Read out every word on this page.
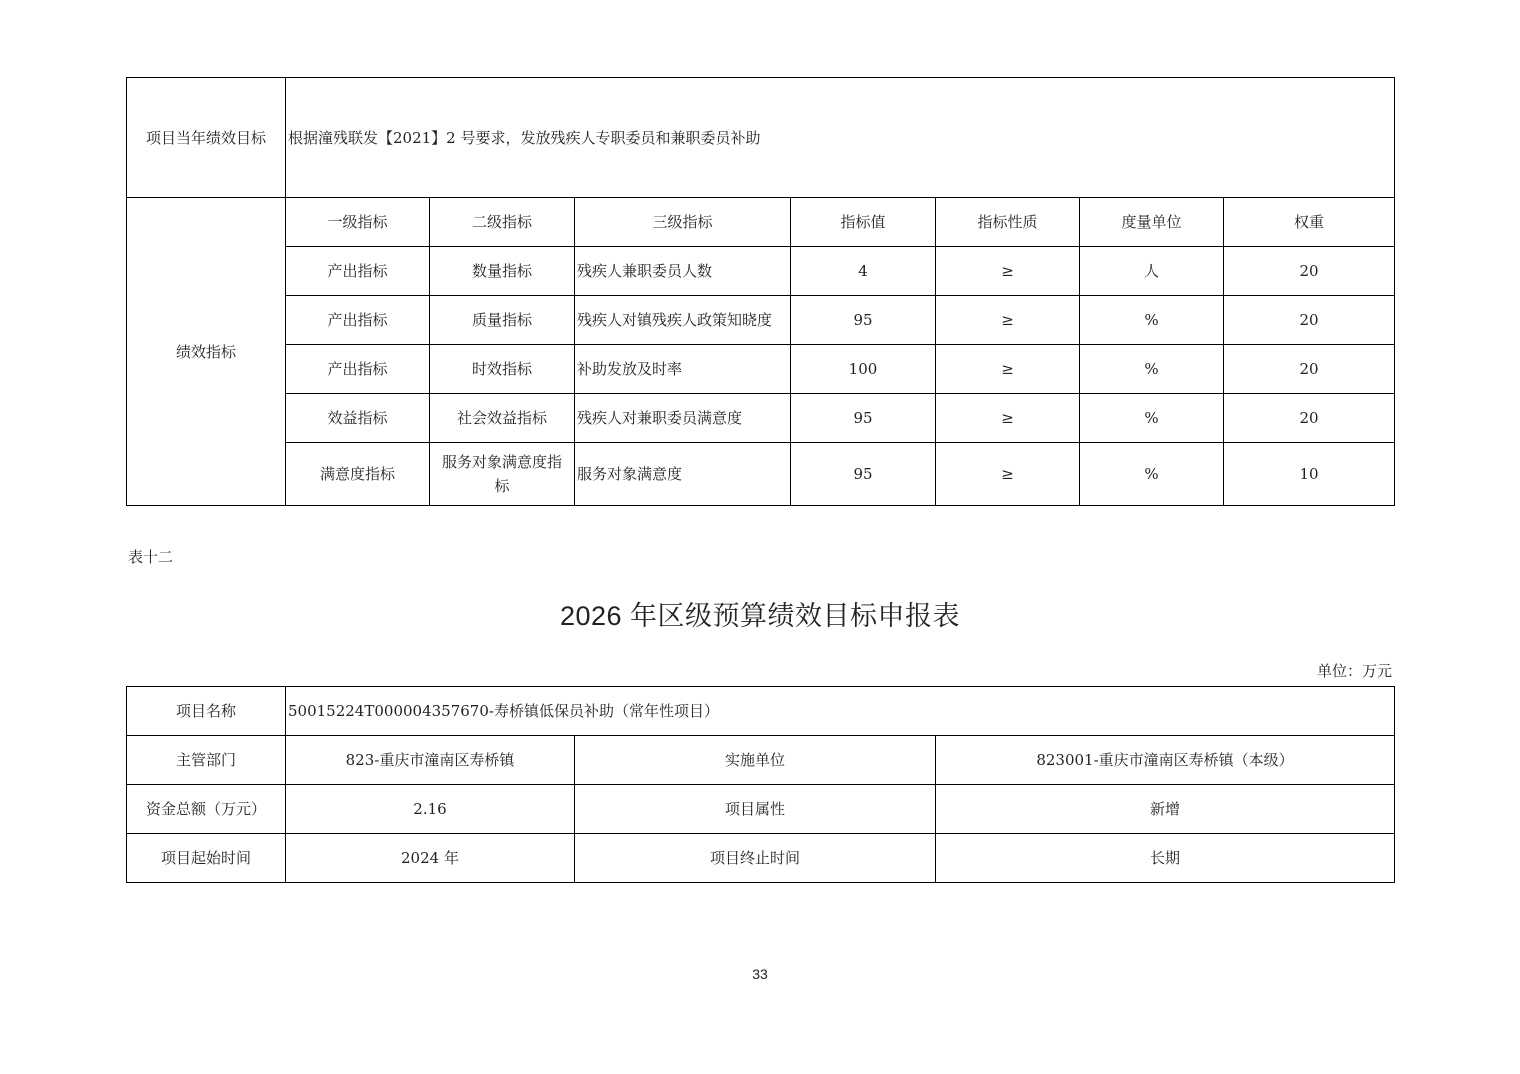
项目当年绩效目标	根据潼残联发【2021】2 号要求，发放残疾人专职委员和兼职委员补助						
绩效指标	一级指标	二级指标	三级指标	指标值	指标性质	度量单位	权重
	产出指标	数量指标	残疾人兼职委员人数	4	≥	人	20
	产出指标	质量指标	残疾人对镇残疾人政策知晓度	95	≥	%	20
	产出指标	时效指标	补助发放及时率	100	≥	%	20
	效益指标	社会效益指标	残疾人对兼职委员满意度	95	≥	%	20
	满意度指标	服务对象满意度指标	服务对象满意度	95	≥	%	10
表十二
2026 年区级预算绩效目标申报表
单位：万元
项目名称	50015224T000004357670-寿桥镇低保员补助（常年性项目）		
主管部门	823-重庆市潼南区寿桥镇	实施单位	823001-重庆市潼南区寿桥镇（本级）
资金总额（万元）	2.16	项目属性	新增
项目起始时间	2024 年	项目终止时间	长期
33
